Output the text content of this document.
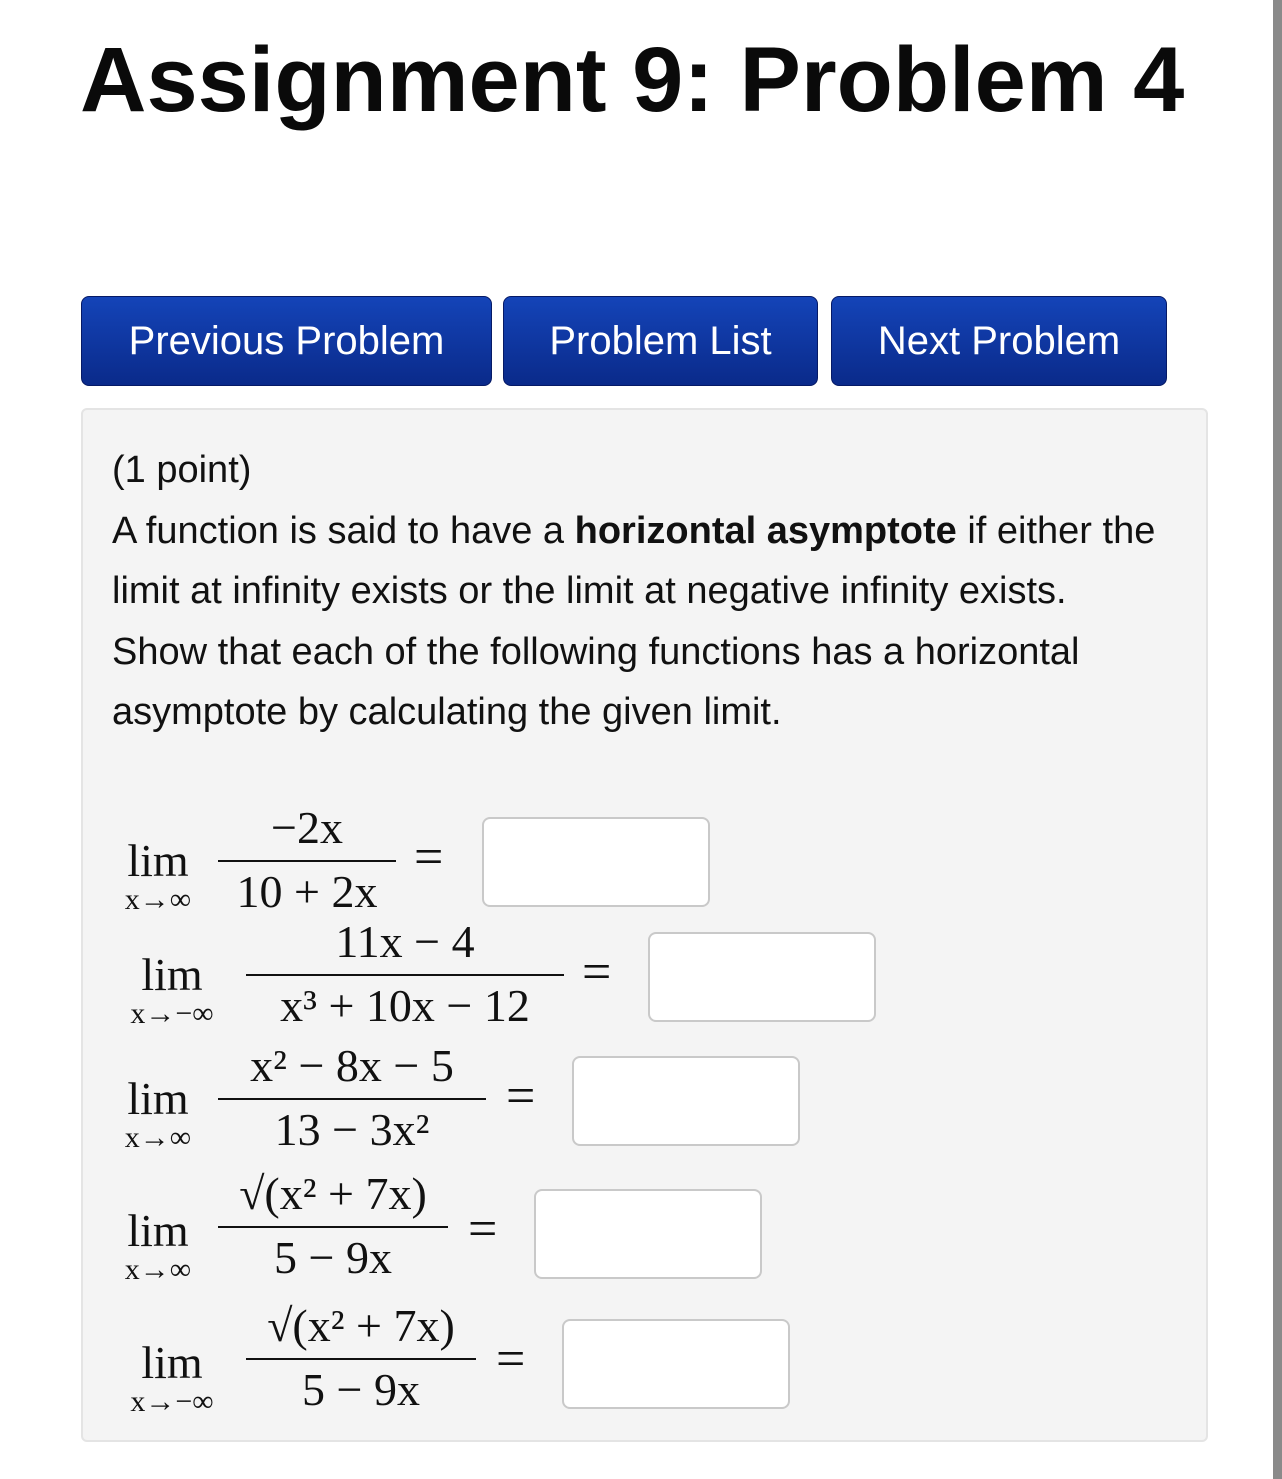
Assignment 9: Problem 4
Previous Problem	Problem List	Next Problem

(1 point)

A function is said to have a horizontal asymptote if either the limit at infinity exists or the limit at negative infinity exists.

Show that each of the following functions has a horizontal asymptote by calculating the given limit.

lim
x→∞
−2x
10 + 2x
=
lim
x→−∞
11x − 4
x³ + 10x − 12
=
lim
x→∞
x² − 8x − 5
13 − 3x²
=
lim
x→∞
√(x² + 7x)
5 − 9x	=
lim
x→−∞
√(x² + 7x)
5 − 9x
=
